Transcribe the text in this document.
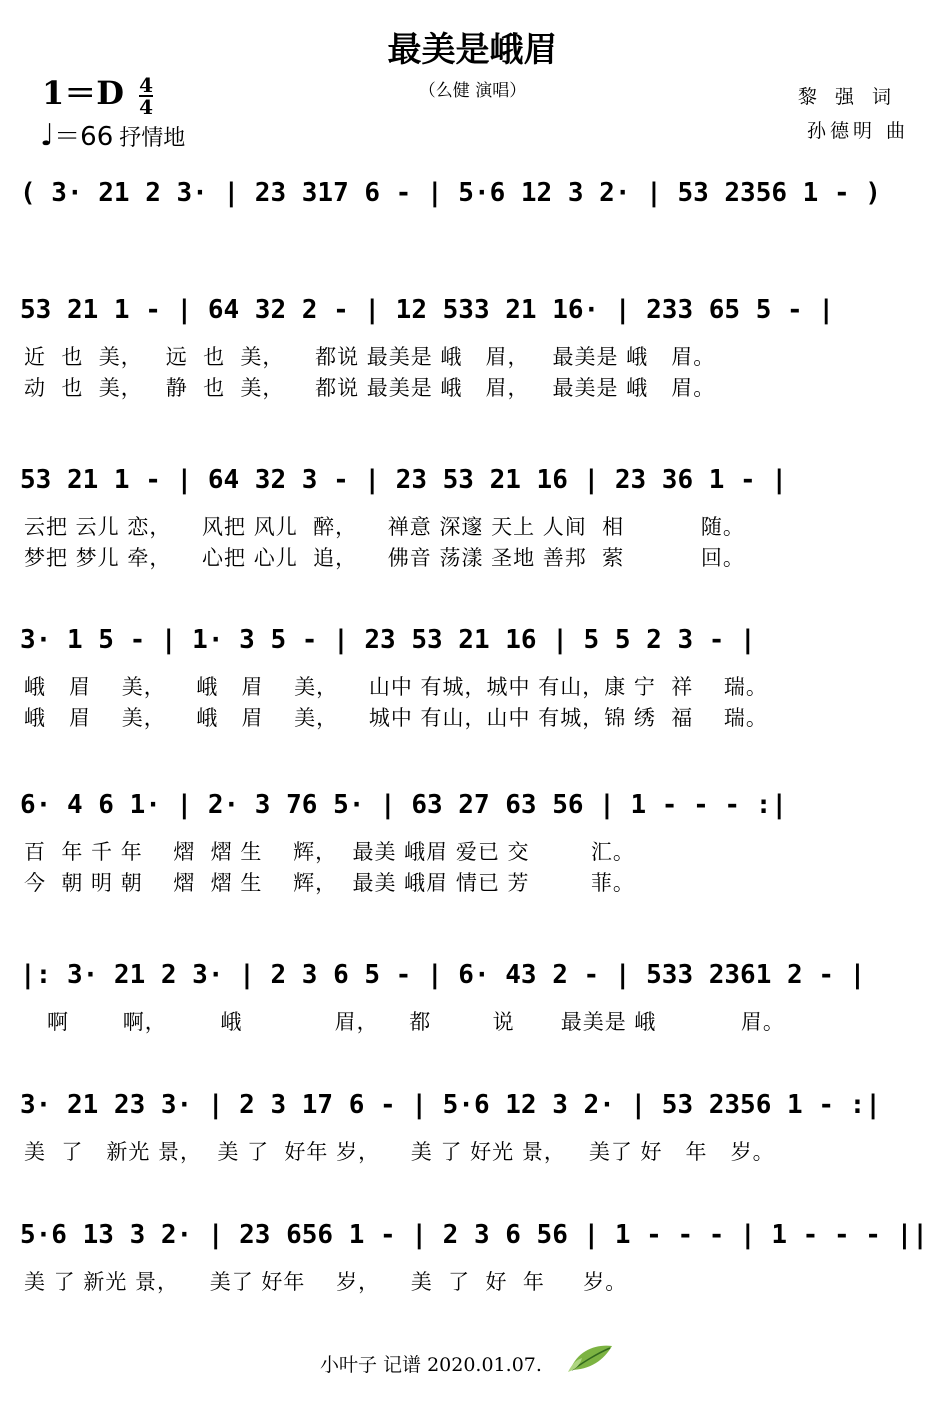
最美是峨眉
（么健 演唱）
$1=D \frac{4}{4}$
♩＝66 抒情地
黎强词
孙德明 曲
( 3· 21 2 3· | 23 317 6 - | 5·6 12 3 2· | 53 2356 1 - )
53 21 1 - | 64 32 2 - | 12 533 21 16· | 233 65 5 - |
近  也  美，   远  也  美，    都说 最美是 峨   眉，   最美是 峨   眉。
动  也  美，   静  也  美，    都说 最美是 峨   眉，   最美是 峨   眉。
53 21 1 - | 64 32 3 - | 23 53 21 16 | 23 36 1 - |
云把 云儿 恋，    风把 风儿  醉，    禅意 深邃 天上 人间  相          随。
梦把 梦儿 牵，    心把 心儿  追，    佛音 荡漾 圣地 善邦  萦          回。
3· 1 5 - | 1· 3 5 - | 23 53 21 16 | 5 5 2 3 - |
峨   眉    美，    峨   眉    美，    山中 有城，城中 有山，康 宁  祥    瑞。
峨   眉    美，    峨   眉    美，    城中 有山，山中 有城，锦 绣  福    瑞。
6· 4 6 1· | 2· 3 76 5· | 63 27 63 56 | 1 - - - :|
百  年 千 年    熠  熠 生    辉，  最美 峨眉 爱已 交        汇。
今  朝 明 朝    熠  熠 生    辉，  最美 峨眉 情已 芳        菲。
|: 3· 21 2 3· | 2 3 6 5 - | 6· 43 2 - | 533 2361 2 - |
啊       啊，       峨            眉，    都        说      最美是 峨           眉。
3· 21 23 3· | 2 3 17 6 - | 5·6 12 3 2· | 53 2356 1 - :|
美  了   新光 景，  美 了  好年 岁，    美 了 好光 景，   美了 好   年   岁。
5·6 13 3 2· | 23 656 1 - | 2 3 6 56 | 1 - - - | 1 - - - ||
美 了 新光 景，    美了 好年    岁，    美  了  好  年     岁。
小叶子 记谱 2020.01.07.
